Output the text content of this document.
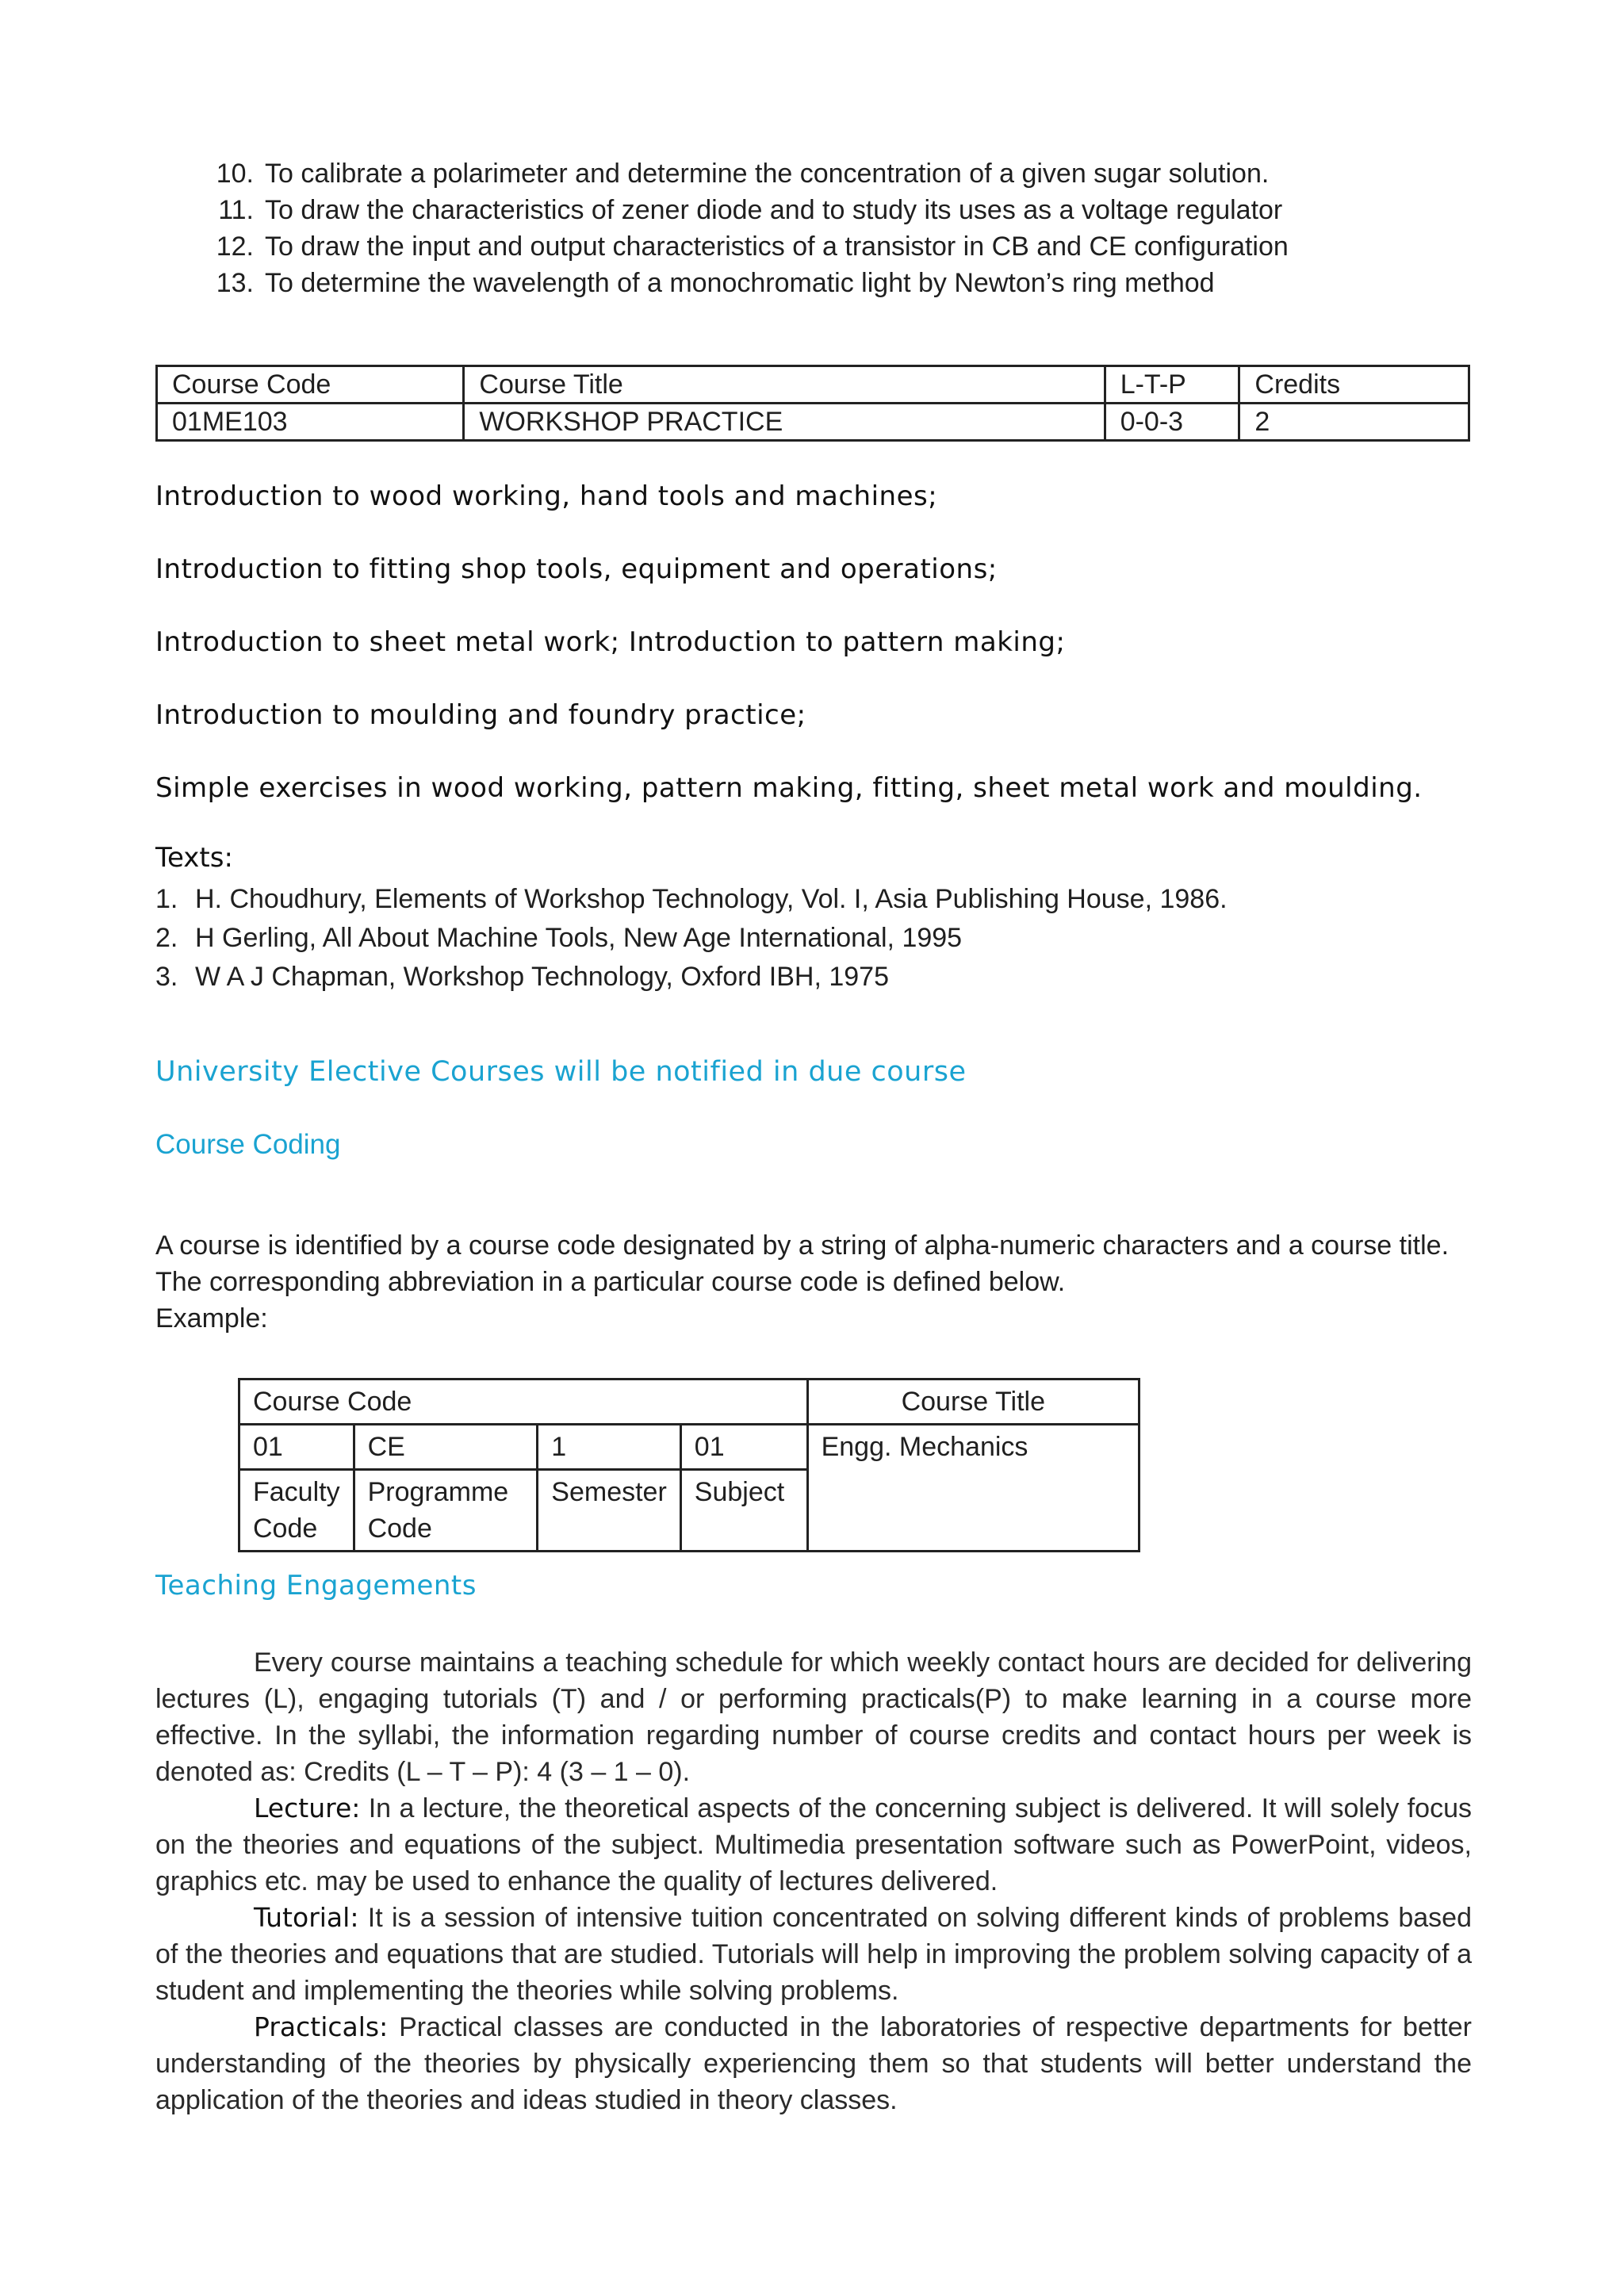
10. To calibrate a polarimeter and determine the concentration of a given sugar solution.
11. To draw the characteristics of zener diode and to study its uses as a voltage regulator
12. To draw the input and output characteristics of a transistor in CB and CE configuration
13. To determine the wavelength of a monochromatic light by Newton’s ring method
Course Code	Course Title	L-T-P	Credits
01ME103	WORKSHOP PRACTICE	0-0-3	2
Introduction to wood working, hand tools and machines;
Introduction to fitting shop tools, equipment and operations;
Introduction to sheet metal work; Introduction to pattern making;
Introduction to moulding and foundry practice;
Simple exercises in wood working, pattern making, fitting, sheet metal work and moulding.
Texts:
1. H. Choudhury, Elements of Workshop Technology, Vol. I, Asia Publishing House, 1986.
2. H Gerling, All About Machine Tools, New Age International, 1995
3. W A J Chapman, Workshop Technology, Oxford IBH, 1975
University Elective Courses will be notified in due course
Course Coding
A course is identified by a course code designated by a string of alpha-numeric characters and a course title.
The corresponding abbreviation in a particular course code is defined below.
Example:
Course Code				Course Title
01	CE	1	01	Engg. Mechanics
Faculty Code	Programme Code	Semester	Subject	
Teaching Engagements

Every course maintains a teaching schedule for which weekly contact hours are decided for delivering lectures (L), engaging tutorials (T) and / or performing practicals(P) to make learning in a course more effective. In the syllabi, the information regarding number of course credits and contact hours per week is denoted as: Credits (L – T – P): 4 (3 – 1 – 0).

Lecture: In a lecture, the theoretical aspects of the concerning subject is delivered. It will solely focus on the theories and equations of the subject. Multimedia presentation software such as PowerPoint, videos, graphics etc. may be used to enhance the quality of lectures delivered.

Tutorial: It is a session of intensive tuition concentrated on solving different kinds of problems based of the theories and equations that are studied. Tutorials will help in improving the problem solving capacity of a student and implementing the theories while solving problems.

Practicals: Practical classes are conducted in the laboratories of respective departments for better understanding of the theories by physically experiencing them so that students will better understand the application of the theories and ideas studied in theory classes.
